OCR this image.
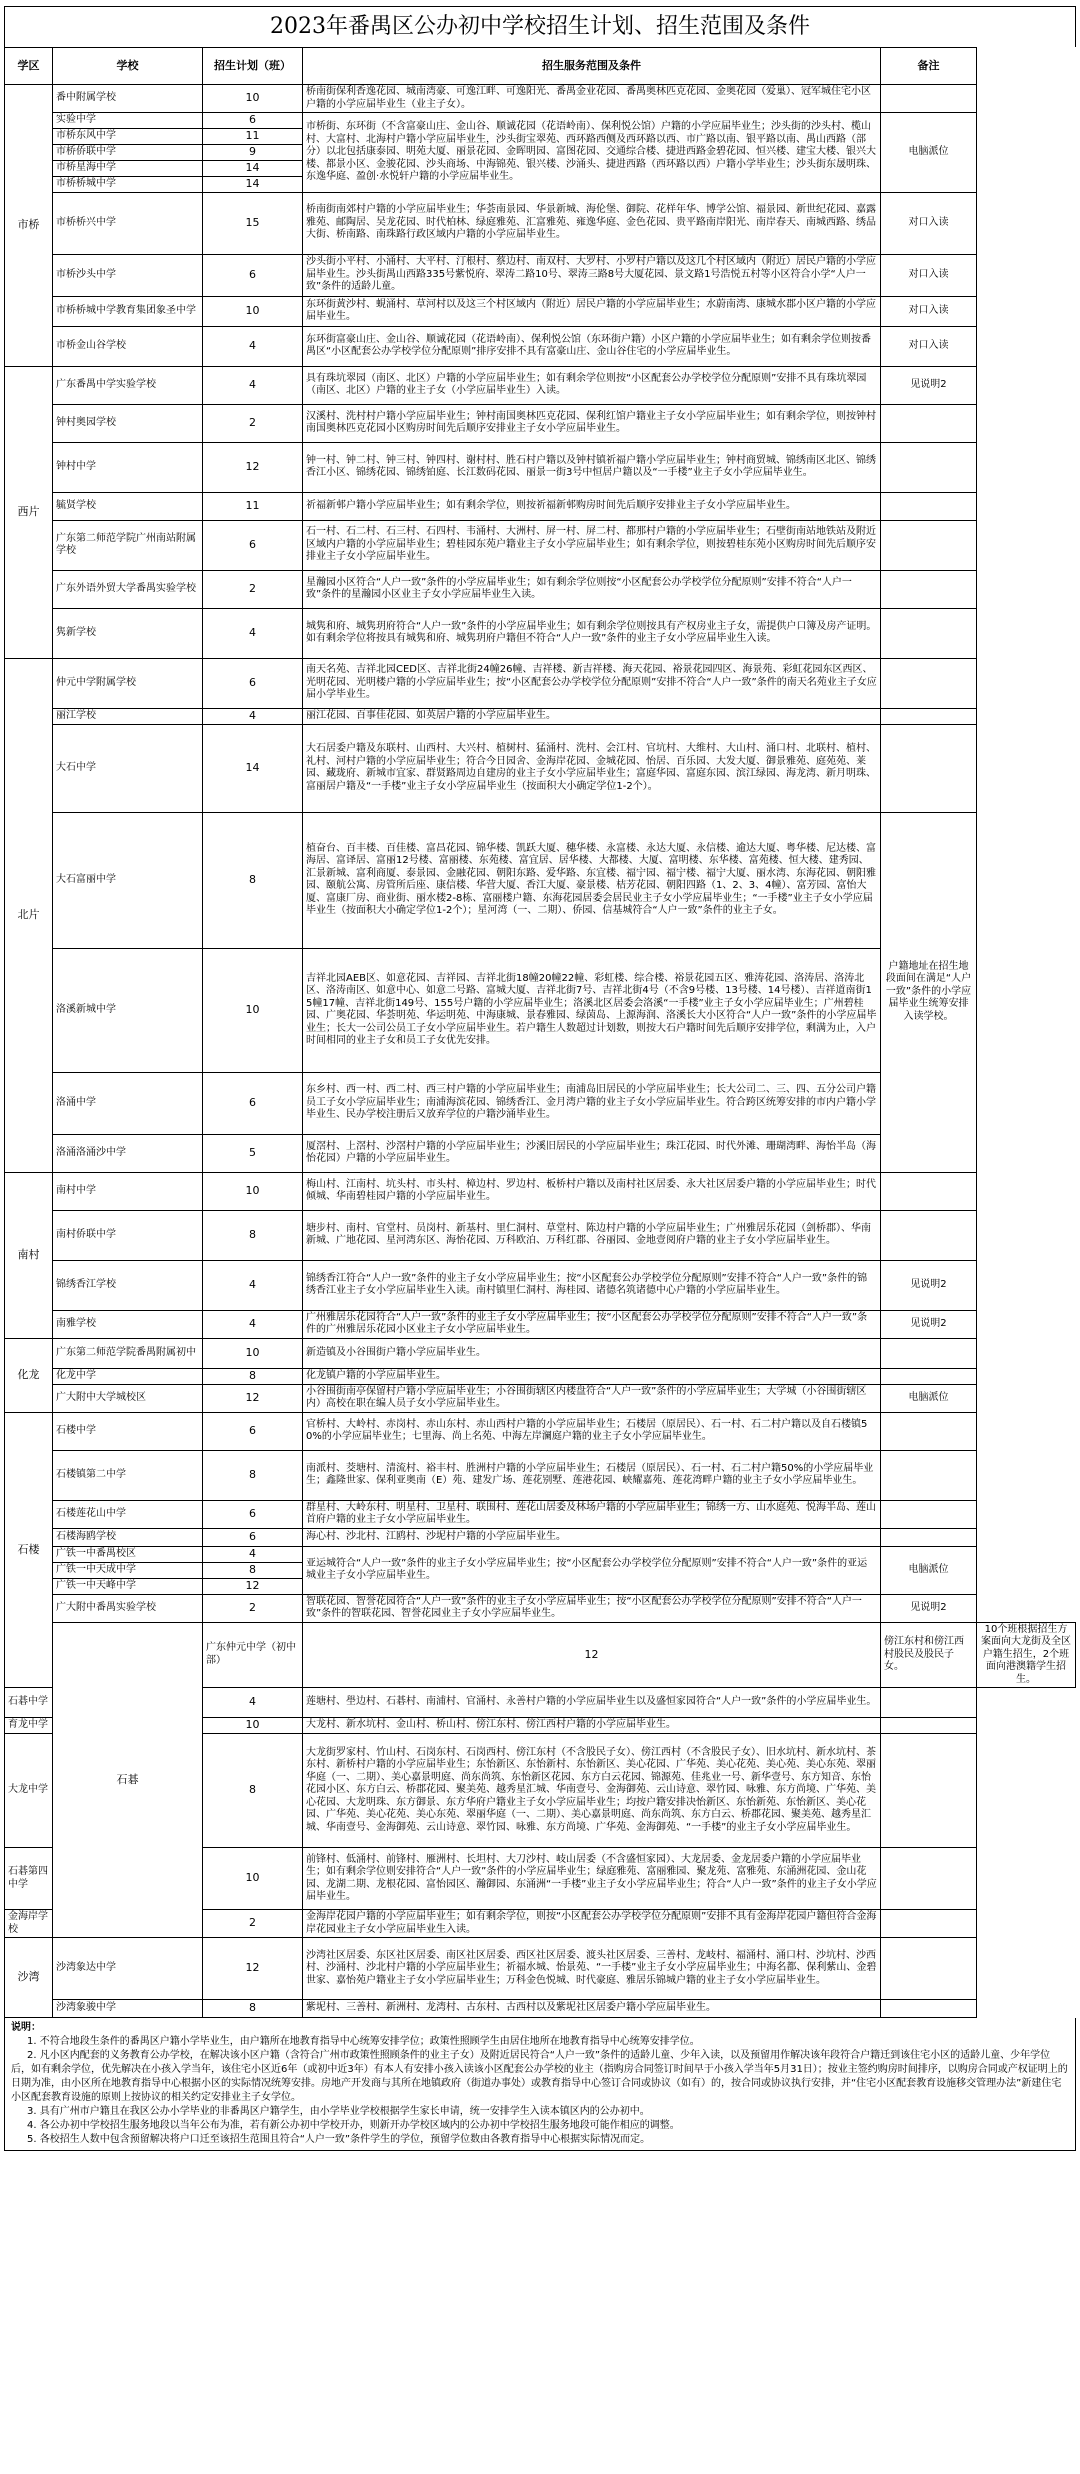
2023年番禺区公办初中学校招生计划、招生范围及条件
学区	学校	招生计划（班）	招生服务范围及条件	备注	
市桥	番中附属学校	10	桥南街保利香逸花园、城南湾豪、可逸江畔、可逸阳光、番禺金业花园、番禺奥林匹克花园、金奥花园（爱巢）、冠军城住宅小区户籍的小学应届毕业生（业主子女）。		
	实验中学	6	市桥街、东环街（不含富豪山庄、金山谷、顺诚花园（花语岭南）、保利悦公馆）户籍的小学应届毕业生；沙头街的沙头村、榄山村、大富村、北海村户籍小学应届毕业生，沙头街宝翠苑、西环路西侧及西环路以西、市广路以南、银平路以南、禺山西路（部分）以北包括康泰园、明苑大厦、丽景花园、金晖明园、富图花园、交通综合楼、捷进西路金碧花园、恒兴楼、建宝大楼、银兴大楼、都景小区、金骏花园、沙头商场、中海锦苑、银兴楼、沙涌头、捷进西路（西环路以西）户籍小学毕业生；沙头街东晟明珠、东逸华庭、盈创·水悦轩户籍的小学应届毕业生。	电脑派位	
	市桥东风中学	11			
	市桥侨联中学	9			
	市桥星海中学	14			
	市桥桥城中学	14			
	市桥桥兴中学	15	桥南街南郊村户籍的小学应届毕业生；华荟南景园、华景新城、海伦堡、御院、花样年华、博学公馆、福景园、新世纪花园、嘉露雅苑、邮陶居、吴龙花园、时代柏林、绿庭雅苑、汇富雅苑、雍逸华庭、金色花园、贵平路南岸阳光、南岸春天、南城西路、绣品大街、桥南路、南珠路行政区域内户籍的小学应届毕业生。	对口入读	
	市桥沙头中学	6	沙头街小平村、小涌村、大平村、汀根村、蔡边村、南双村、大罗村、小罗村户籍以及这几个村区域内（附近）居民户籍的小学应届毕业生。沙头街禺山西路335号紫悦府、翠涛二路10号、翠涛三路8号大厦花园、景文路1号浩悦五村等小区符合小学“人户一致”条件的适龄儿童。	对口入读	
	市桥桥城中学教育集团象圣中学	10	东环街黄沙村、蜆涌村、草河村以及这三个村区域内（附近）居民户籍的小学应届毕业生；水蔚南湾、康城水郡小区户籍的小学应届毕业生。	对口入读	
	市桥金山谷学校	4	东环街富豪山庄、金山谷、顺诚花园（花语岭南）、保利悦公馆（东环街户籍）小区户籍的小学应届毕业生；如有剩余学位则按番禺区“小区配套公办学校学位分配原则”排序安排不具有富豪山庄、金山谷住宅的小学应届毕业生。	对口入读	
西片	广东番禺中学实验学校	4	具有珠坑翠园（南区、北区）户籍的小学应届毕业生；如有剩余学位则按“小区配套公办学校学位分配原则”安排不具有珠坑翠园（南区、北区）户籍的业主子女（小学应届毕业生）入读。	见说明2	
	钟村奥园学校	2	汉溪村、洗村村户籍小学应届毕业生；钟村南国奥林匹克花园、保利红馆户籍业主子女小学应届毕业生；如有剩余学位，则按钟村南国奥林匹克花园小区购房时间先后顺序安排业主子女小学应届毕业生。		
	钟村中学	12	钟一村、钟二村、钟三村、钟四村、谢村村、胜石村户籍以及钟村镇祈福户籍小学应届毕业生；钟村商贸城、锦绣南区北区、锦绣香江小区、锦绣花园、锦绣铂庭、长江数码花园、丽景一街3号中恒居户籍以及“一手楼”业主子女小学应届毕业生。		
	毓贤学校	11	祈福新邨户籍小学应届毕业生；如有剩余学位，则按祈福新邨购房时间先后顺序安排业主子女小学应届毕业生。		
	广东第二师范学院广州南站附属学校	6	石一村、石二村、石三村、石四村、韦涌村、大洲村、屏一村、屏二村、都那村户籍的小学应届毕业生；石壁街南站地铁站及附近区域内户籍的小学应届毕业生；碧桂园东苑户籍业主子女小学应届毕业生；如有剩余学位，则按碧桂东苑小区购房时间先后顺序安排业主子女小学应届毕业生。		
	广东外语外贸大学番禺实验学校	2	星瀚园小区符合“人户一致”条件的小学应届毕业生；如有剩余学位则按“小区配套公办学校学位分配原则”安排不符合“人户一致”条件的星瀚园小区业主子女小学应届毕业生入读。		
	隽新学校	4	城隽和府、城隽玥府符合“人户一致”条件的小学应届毕业生；如有剩余学位则按具有产权房业主子女，需提供户口簿及房产证明。如有剩余学位将按具有城隽和府、城隽玥府户籍但不符合“人户一致”条件的业主子女小学应届毕业生入读。		
北片	仲元中学附属学校	6	南天名苑、吉祥北园CED区、吉祥北街24幢26幢、吉祥楼、新吉祥楼、海天花园、裕景花园四区、海景苑、彩虹花园东区西区、光明花园、光明楼户籍的小学应届毕业生；按“小区配套公办学校学位分配原则”安排不符合“人户一致”条件的南天名苑业主子女应届小学毕业生。		
	丽江学校	4	丽江花园、百事佳花园、如英居户籍的小学应届毕业生。		
	大石中学	14	大石居委户籍及东联村、山西村、大兴村、植树村、猛涌村、洗村、会江村、官坑村、大维村、大山村、涌口村、北联村、植村、礼村、河村户籍的小学应届毕业生；符合今日园舍、金海岸花园、金城花园、怡居、百乐园、大发大厦、御景雅苑、庭苑苑、莱园、藏珑府、新城市宜家、群贤路周边自建房的业主子女小学应届毕业生；富庭华园、富庭东园、滨江绿园、海龙湾、新月明珠、富丽居户籍及“一手楼”业主子女小学应届毕业生（按面积大小确定学位1-2个）。		
	大石富丽中学	8	植奋台、百丰楼、百佳楼、富昌花园、锦华楼、凯跃大厦、穗华楼、永富楼、永达大厦、永信楼、逾达大厦、粤华楼、尼达楼、富海居、富译居、富丽12号楼、富丽楼、东苑楼、富宜居、居华楼、大都楼、大厦、富明楼、东华楼、富苑楼、恒大楼、建秀园、汇景新城、富利商厦、泰景园、金融花园、朝阳东路、爱华路、东宜楼、福宁园、福宁楼、福宁大厦、丽水湾、东海花园、朝阳雅园、颐航公寓、房管所后座、康信楼、华营大厦、香江大厦、豪景楼、桔芳花园、朝阳四路（1、2、3、4幢）、富芳园、富怡大厦、富康厂房、商业街、丽水楼2-8栋、富丽楼户籍、东海花园居委会居民业主子女小学应届毕业生；“一手楼”业主子女小学应届毕业生（按面积大小确定学位1-2个）；星河湾（一、二期）、侨园、信基城符合“人户一致”条件的业主子女。	户籍地址在招生地段面间在满足“人户一致”条件的小学应届毕业生统筹安排入读学校。	
	洛溪新城中学	10	吉祥北园AEB区、如意花园、吉祥园、吉祥北街18幢20幢22幢、彩虹楼、综合楼、裕景花园五区、雅涛花园、洛涛居、洛涛北区、洛涛南区、如意中心、如意二号路、富城大厦、吉祥北街7号、吉祥北街4号（不含9号楼、13号楼、14号楼）、吉祥道南街15幢17幢、吉祥北街149号、155号户籍的小学应届毕业生；洛溪北区居委会洛溪“一手楼”业主子女小学应届毕业生；广州碧桂园、广奥花园、华荟明苑、华运明苑、中海康城、景春雅园、绿茵岛、上源海润、洛溪长大小区符合“人户一致”条件的小学应届毕业生；长大一公司公员工子女小学应届毕业生。若户籍生人数超过计划数，则按大石户籍时间先后顺序安排学位，剩满为止，入户时间相同的业主子女和员工子女优先安排。		
	洛涌中学	6	东乡村、西一村、西二村、西三村户籍的小学应届毕业生；南浦岛旧居民的小学应届毕业生；长大公司二、三、四、五分公司户籍员工子女小学应届毕业生；南浦海滨花园、锦绣香江、金月湾户籍的业主子女小学应届毕业生。符合跨区统筹安排的市内户籍小学毕业生、民办学校注册后又放弃学位的户籍沙涌毕业生。		
	洛涌洛涌沙中学	5	厦滘村、上滘村、沙滘村户籍的小学应届毕业生；沙溪旧居民的小学应届毕业生；珠江花园、时代外滩、珊瑚湾畔、海怡半岛（海怡花园）户籍的小学应届毕业生。		
南村	南村中学	10	梅山村、江南村、坑头村、市头村、樟边村、罗边村、板桥村户籍以及南村社区居委、永大社区居委户籍的小学应届毕业生；时代倾城、华南碧桂园户籍的小学应届毕业生。		
	南村侨联中学	8	塘步村、南村、官堂村、员岗村、新基村、里仁洞村、草堂村、陈边村户籍的小学应届毕业生；广州雅居乐花园（剑桥郡）、华南新城、广地花园、星河湾东区、海怡花园、万科欧泊、万科红郡、谷丽园、金地壹阅府户籍的业主子女小学应届毕业生。		
	锦绣香江学校	4	锦绣香江符合“人户一致”条件的业主子女小学应届毕业生；按“小区配套公办学校学位分配原则”安排不符合“人户一致”条件的锦绣香江业主子女小学应届毕业生入读。南村镇里仁洞村、海桂园、诸德名筑诸德中心户籍的小学应届毕业生。	见说明2	
	南雅学校	4	广州雅居乐花园符合“人户一致”条件的业主子女小学应届毕业生；按“小区配套公办学校学位分配原则”安排不符合“人户一致”条件的广州雅居乐花园小区业主子女小学应届毕业生。	见说明2	
化龙	广东第二师范学院番禺附属初中	10	新造镇及小谷围街户籍小学应届毕业生。		
	化龙中学	8	化龙镇户籍的小学应届毕业生。		
	广大附中大学城校区	12	小谷围街南亭保留村户籍小学应届毕业生；小谷围街辖区内楼盘符合“人户一致”条件的小学应届毕业生；大学城（小谷围街辖区内）高校在职在编人员子女小学应届毕业生。	电脑派位	
石楼	石楼中学	6	官桥村、大岭村、赤岗村、赤山东村、赤山西村户籍的小学应届毕业生；石楼居（原居民）、石一村、石二村户籍以及自石楼镇50%的小学应届毕业生；七里海、尚上名苑、中海左岸澜庭户籍的业主子女小学应届毕业生。		
	石楼镇第二中学	8	南派村、茭塘村、清流村、裕丰村、胜洲村户籍的小学应届毕业生；石楼居（原居民）、石一村、石二村户籍50%的小学应届毕业生；鑫隆世家、保利亚奥南（E）苑、建发广场、莲花别墅、莲港花园、峡耀嘉苑、莲花湾畔户籍的业主子女小学应届毕业生。		
	石楼莲花山中学	6	群星村、大岭东村、明星村、卫星村、联围村、莲花山居委及林场户籍的小学应届毕业生；锦绣一方、山水庭苑、悦海半岛、莲山首府户籍的业主子女小学应届毕业生。		
	石楼海鸥学校	6	海心村、沙北村、江鸥村、沙坭村户籍的小学应届毕业生。		
	广铁一中番禺校区	4	亚运城符合“人户一致”条件的业主子女小学应届毕业生；按“小区配套公办学校学位分配原则”安排不符合“人户一致”条件的亚运城业主子女小学应届毕业生。	电脑派位	
	广铁一中天成中学	8			
	广铁一中天峰中学	12			
	广大附中番禺实验学校	2	智联花园、智誉花园符合“人户一致”条件的业主子女小学应届毕业生；按“小区配套公办学校学位分配原则”安排不符合“人户一致”条件的智联花园、智誉花园业主子女小学应届毕业生。	见说明2	
	石碁	广东仲元中学（初中部）	12	傍江东村和傍江西村股民及股民子女。	10个班根据招生方案面向大龙街及全区户籍生招生，2个班面向港澳籍学生招生。
石碁中学		4	莲塘村、壆边村、石碁村、南浦村、官涌村、永善村户籍的小学应届毕业生以及盛恒家园符合“人户一致”条件的小学应届毕业生。		
育龙中学		10	大龙村、新水坑村、金山村、桥山村、傍江东村、傍江西村户籍的小学应届毕业生。		
大龙中学		8	大龙街罗家村、竹山村、石岗东村、石岗西村、傍江东村（不含股民子女）、傍江西村（不含股民子女）、旧水坑村、新水坑村、茶东村、新桥村户籍的小学应届毕业生；东怡新区、东怡新村、东怡新区、美心花园、广华苑、美心花苑、美心苑、美心东苑、翠丽华庭（一、二期）、美心嘉景明庭、尚东尚筑、东怡新区花园、东方白云花园、锦源苑、佳兆业一号、新华壹号、东方知音、东怡花园小区、东方白云、桥郡花园、聚美苑、越秀星汇城、华南壹号、金海御苑、云山诗意、翠竹园、咏雅、东方尚境、广华苑、美心花园、大龙明珠、东方御景、东方华府户籍业主子女小学应届毕业生；均按户籍安排决怡新区、东怡新苑、东怡新区、美心花园、广华苑、美心花苑、美心东苑、翠丽华庭（一、二期）、美心嘉景明庭、尚东尚筑、东方白云、桥郡花园、聚美苑、越秀星汇城、华南壹号、金海御苑、云山诗意、翠竹园、咏雅、东方尚境、广华苑、金海御苑、“一手楼”的业主子女小学应届毕业生。		
石碁第四中学		10	前锋村、低涌村、前锋村、雁洲村、长坦村、大刀沙村、岐山居委（不含盛恒家园）、大龙居委、金龙居委户籍的小学应届毕业生；如有剩余学位则安排符合“人户一致”条件的小学应届毕业生；绿庭雅苑、富丽雅园、聚龙苑、富雅苑、东涌洲花园、金山花园、龙湖二期、龙根花园、富怡园区、瀚御园、东涌洲“一手楼”业主子女小学应届毕业生；符合“人户一致”条件的业主子女小学应届毕业生。		
金海岸学校		2	金海岸花园户籍的小学应届毕业生；如有剩余学位，则按“小区配套公办学校学位分配原则”安排不具有金海岸花园户籍但符合金海岸花园业主子女小学应届毕业生入读。		
沙湾	沙湾象达中学	12	沙湾社区居委、东区社区居委、南区社区居委、西区社区居委、渡头社区居委、三善村、龙岐村、福涌村、涌口村、沙坑村、沙西村、沙涌村、沙北村户籍的小学应届毕业生；祈福水城、怡景苑、“一手楼”业主子女小学应届毕业生；中海名都、保利紫山、金碧世家、嘉怡苑户籍业主子女小学应届毕业生；万科金色悦城、时代豪庭、雅居乐锦城户籍的业主子女小学应届毕业生。		
	沙湾象骏中学	8	紫坭村、三善村、新洲村、龙湾村、古东村、古西村以及紫坭社区居委户籍小学应届毕业生。		
说明：
1. 不符合地段生条件的番禺区户籍小学毕业生，由户籍所在地教育指导中心统筹安排学位；政策性照顾学生由居住地所在地教育指导中心统筹安排学位。
2. 凡小区内配套的义务教育公办学校，在解决该小区户籍（含符合广州市政策性照顾条件的业主子女）及附近居民符合“人户一致”条件的适龄儿童、少年入读，以及预留用作解决该年段符合户籍迁到该住宅小区的适龄儿童、少年学位后，如有剩余学位，优先解决在小孩入学当年，该住宅小区近6年（或初中近3年）有本人有安排小孩入读该小区配套公办学校的业主（指购房合同签订时间早于小孩入学当年5月31日）；按业主签约购房时间排序，以购房合同或产权证明上的日期为准，由小区所在地教育指导中心根据小区的实际情况统筹安排。房地产开发商与其所在地镇政府（街道办事处）或教育指导中心签订合同或协议（如有）的，按合同或协议执行安排，并“住宅小区配套教育设施移交管理办法”新建住宅小区配套教育设施的原则上按协议的相关约定安排业主子女学位。
3. 具有广州市户籍且在我区公办小学毕业的非番禺区户籍学生，由小学毕业学校根据学生家长申请，统一安排学生入读本镇区内的公办初中。
4. 各公办初中学校招生服务地段以当年公布为准，若有新公办初中学校开办，则新开办学校区域内的公办初中学校招生服务地段可能作相应的调整。
5. 各校招生人数中包含预留解决将户口迁至该招生范围且符合“人户一致”条件学生的学位，预留学位数由各教育指导中心根据实际情况而定。
